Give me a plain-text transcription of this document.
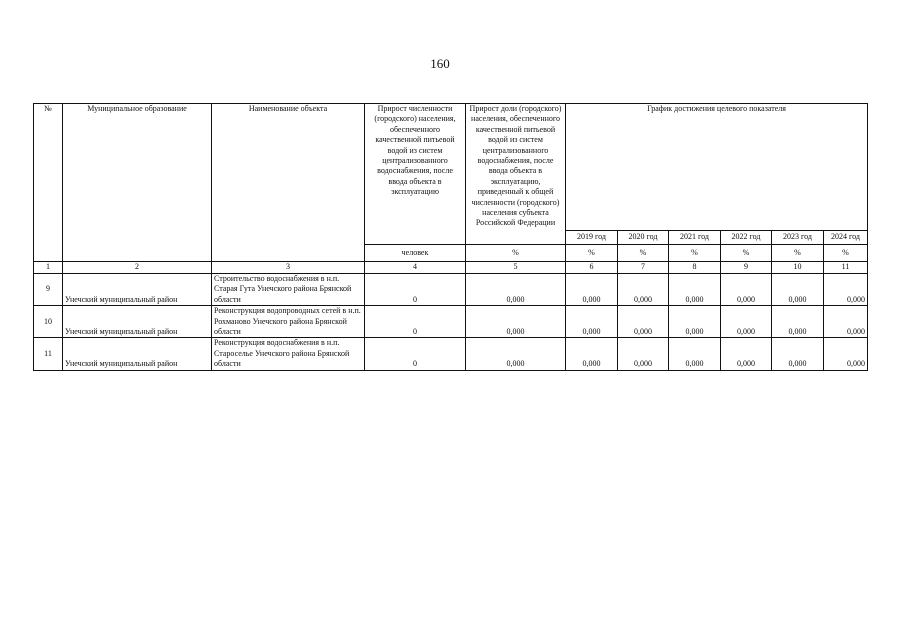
160
№	Муниципальное образование	Наименование объекта	Прирост численности (городского) населения, обеспеченного качественной питьевой водой из систем централизованного водоснабжения, после ввода объекта в эксплуатацию	Прирост доли (городского) населения, обеспеченного качественной питьевой водой из систем централизованного водоснабжения, после ввода объекта в эксплуатацию, приведенный к общей численности (городского) населения субъекта Российской Федерации	График достижения целевого показателя					
					2019 год	2020 год	2021 год	2022 год	2023 год	2024 год
			человек	%	%	%	%	%	%	%
1	2	3	4	5	6	7	8	9	10	11
9	Унечский муниципальный район	Строительство водоснабжения в н.п. Старая Гута Унечского района Брянской области	0	0,000	0,000	0,000	0,000	0,000	0,000	0,000
10	Унечский муниципальный район	Реконструкция водопроводных сетей в н.п. Рохманово Унечского района Брянской области	0	0,000	0,000	0,000	0,000	0,000	0,000	0,000
11	Унечский муниципальный район	Реконструкция водоснабжения в н.п. Староселье Унечского района Брянской области	0	0,000	0,000	0,000	0,000	0,000	0,000	0,000
